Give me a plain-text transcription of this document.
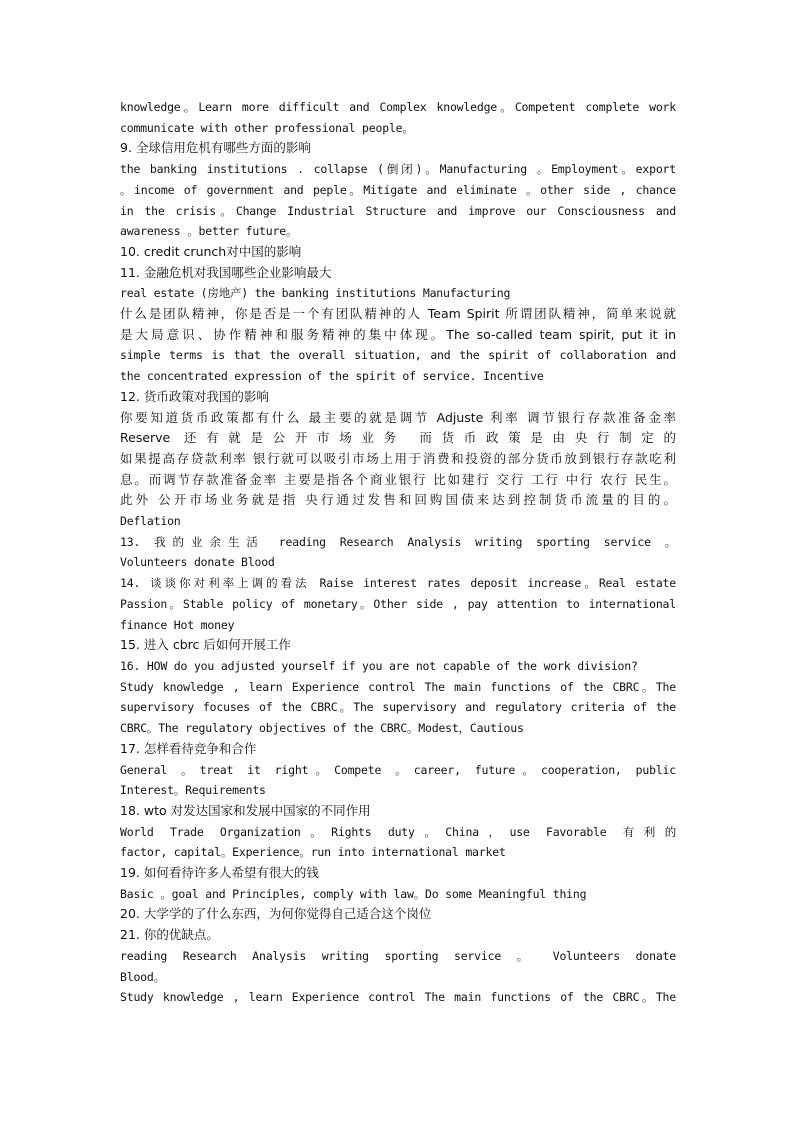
knowledge。Learn more difficult and Complex knowledge。Competent complete work
communicate with other professional people。
9. 全球信用危机有哪些方面的影响
the banking institutions . collapse (倒闭)。Manufacturing 。Employment。export
。income of government and peple。Mitigate and eliminate 。other side , chance
in the crisis。Change Industrial Structure and improve our Consciousness and
awareness 。better future。
10. credit crunch对中国的影响
11. 金融危机对我国哪些企业影响最大
real estate (房地产) the banking institutions Manufacturing
什么是团队精神，你是否是一个有团队精神的人 Team Spirit 所谓团队精神，简单来说就
是大局意识、协作精神和服务精神的集中体现。The so-called team spirit, put it in
simple terms is that the overall situation, and the spirit of collaboration and
the concentrated expression of the spirit of service. Incentive
12. 货币政策对我国的影响
你要知道货币政策都有什么 最主要的就是调节 Adjuste 利率 调节银行存款准备金率
Reserve 还有就是公开市场业务 而货币政策是由央行制定的
如果提高存贷款利率 银行就可以吸引市场上用于消费和投资的部分货币放到银行存款吃利
息。而调节存款准备金率 主要是指各个商业银行 比如建行 交行 工行 中行 农行 民生。
此外 公开市场业务就是指 央行通过发售和回购国债来达到控制货币流量的目的。
Deflation
13. 我的业余生活 reading Research Analysis writing sporting service 。
Volunteers donate Blood
14. 谈谈你对利率上调的看法 Raise interest rates deposit increase。Real estate
Passion。Stable policy of monetary。Other side , pay attention to international
finance Hot money
15. 进入 cbrc 后如何开展工作
16. HOW do you adjusted yourself if you are not capable of the work division?
Study knowledge , learn Experience control The main functions of the CBRC。The
supervisory focuses of the CBRC。The supervisory and regulatory criteria of the
CBRC。The regulatory objectives of the CBRC。Modest，Cautious
17. 怎样看待竞争和合作
General 。treat it right。Compete 。career, future。cooperation, public
Interest。Requirements
18. wto 对发达国家和发展中国家的不同作用
World Trade Organization。Rights duty。China，use Favorable 有利的
factor, capital。Experience。run into international market
19. 如何看待许多人希望有很大的钱
Basic 。goal and Principles, comply with law。Do some Meaningful thing
20. 大学学的了什么东西，为何你觉得自己适合这个岗位
21. 你的优缺点。
reading Research Analysis writing sporting service 。 Volunteers donate
Blood。
Study knowledge , learn Experience control The main functions of the CBRC。The
